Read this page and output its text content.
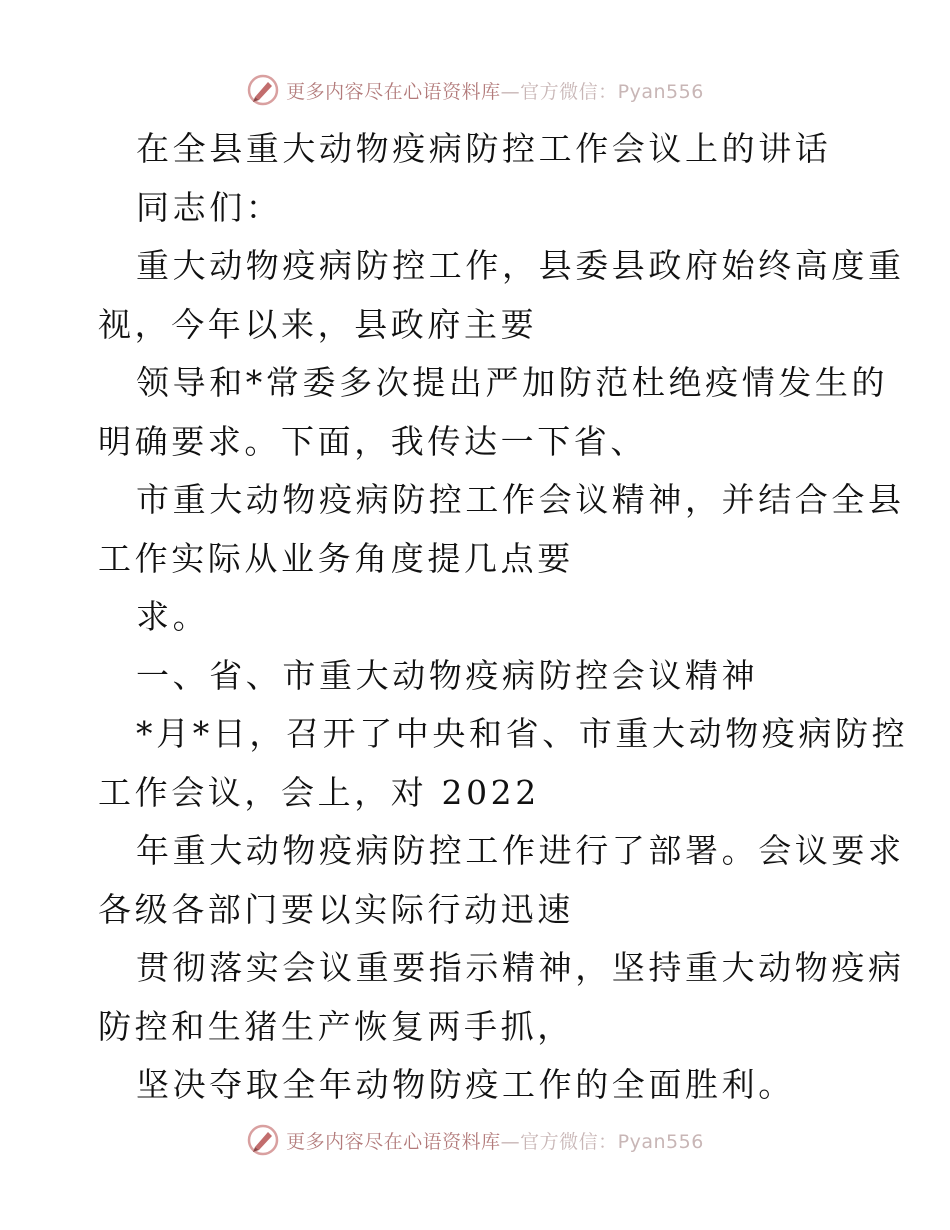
更多内容尽在心语资料库—官方微信：Pyan556
在全县重大动物疫病防控工作会议上的讲话
同志们：
重大动物疫病防控工作，县委县政府始终高度重
视，今年以来，县政府主要
领导和*常委多次提出严加防范杜绝疫情发生的
明确要求。下面，我传达一下省、
市重大动物疫病防控工作会议精神，并结合全县
工作实际从业务角度提几点要
求。
一、省、市重大动物疫病防控会议精神
*月*日，召开了中央和省、市重大动物疫病防控
工作会议，会上，对 2022
年重大动物疫病防控工作进行了部署。会议要求
各级各部门要以实际行动迅速
贯彻落实会议重要指示精神，坚持重大动物疫病
防控和生猪生产恢复两手抓，
坚决夺取全年动物防疫工作的全面胜利。
更多内容尽在心语资料库—官方微信：Pyan556
